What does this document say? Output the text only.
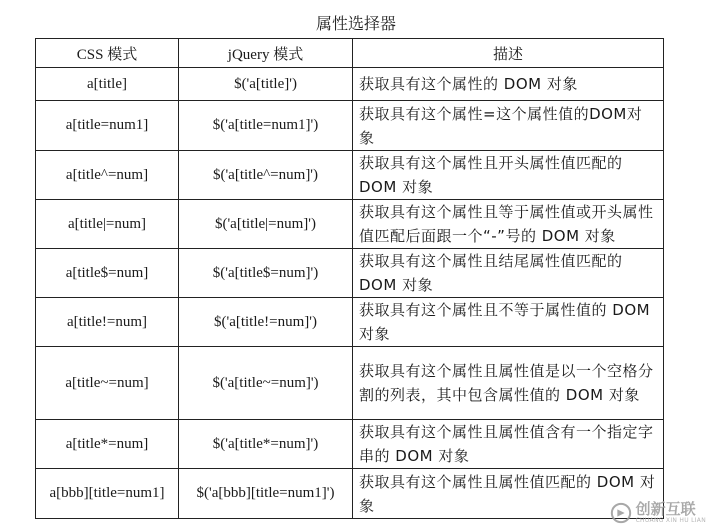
属性选择器
CSS 模式	jQuery 模式	描述
a[title]	$('a[title]')	获取具有这个属性的 DOM 对象
a[title=num1]	$('a[title=num1]')	获取具有这个属性=这个属性值的DOM对象
a[title^=num]	$('a[title^=num]')	获取具有这个属性且开头属性值匹配的 DOM 对象
a[title|=num]	$('a[title|=num]')	获取具有这个属性且等于属性值或开头属性值匹配后面跟一个“-”号的 DOM 对象
a[title$=num]	$('a[title$=num]')	获取具有这个属性且结尾属性值匹配的 DOM 对象
a[title!=num]	$('a[title!=num]')	获取具有这个属性且不等于属性值的 DOM 对象
a[title~=num]	$('a[title~=num]')	获取具有这个属性且属性值是以一个空格分割的列表，其中包含属性值的 DOM 对象
a[title*=num]	$('a[title*=num]')	获取具有这个属性且属性值含有一个指定字串的 DOM 对象
a[bbb][title=num1]	$('a[bbb][title=num1]')	获取具有这个属性且属性值匹配的 DOM 对象	创新互联
CHUANG XIN HU LIAN
